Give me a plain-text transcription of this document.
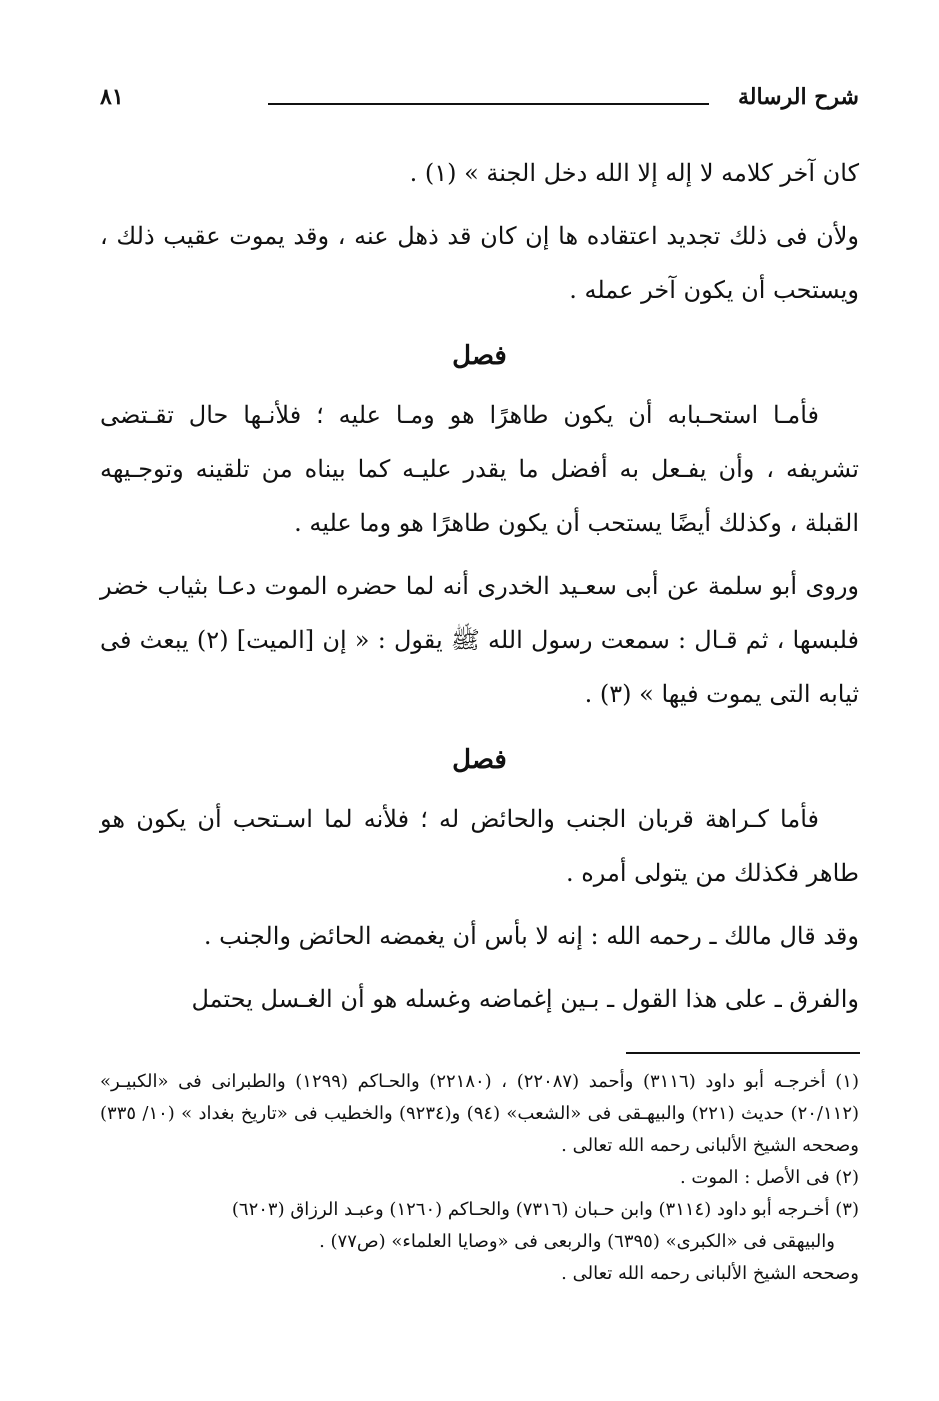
شرح الرسالة
٨١

كان آخر كلامه لا إله إلا الله دخل الجنة » (١) .

ولأن فى ذلك تجديد اعتقاده ها إن كان قد ذهل عنه ، وقد يموت عقيب ذلك ، ويستحب أن يكون آخر عمله .

فصل

فأمـا استحـبابه أن يكون طاهرًا هو ومـا عليه ؛ فلأنـها حال تقـتضى تشريفه ، وأن يفـعل به أفضل ما يقدر عليـه كما بيناه من تلقينه وتوجـيهه القبلة ، وكذلك أيضًا يستحب أن يكون طاهرًا هو وما عليه .

وروى أبو سلمة عن أبى سعـيد الخدرى أنه لما حضره الموت دعـا بثياب خضر فلبسها ، ثم قـال : سمعت رسول الله ﷺ يقول : « إن [الميت] (٢) يبعث فى ثيابه التى يموت فيها » (٣) .

فصل

فأما كـراهة قربان الجنب والحائض له ؛ فلأنه لما اسـتحب أن يكون هو طاهر فكذلك من يتولى أمره .

وقد قال مالك ـ رحمه الله : إنه لا بأس أن يغمضه الحائض والجنب .

والفرق ـ على هذا القول ـ بـين إغماضه وغسله هو أن الغـسل يحتمل

(١) أخرجـه أبو داود (٣١١٦) وأحمد (٢٢٠٨٧) ، (٢٢١٨٠) والحـاكم (١٢٩٩) والطبرانى فى «الكبيـر» (٢٠/١١٢) حديث (٢٢١) والبيهـقى فى «الشعب» (٩٤) و(٩٢٣٤) والخطيب فى «تاريخ بغداد » (١٠/ ٣٣٥) وصححه الشيخ الألبانى رحمه الله تعالى .

(٢) فى الأصل : الموت .

(٣) أخـرجه أبو داود (٣١١٤) وابن حـبان (٧٣١٦) والحـاكم (١٢٦٠) وعبـد الرزاق (٦٢٠٣)

والبيهقى فى «الكبرى» (٦٣٩٥) والربعى فى «وصايا العلماء» (ص٧٧) .

وصححه الشيخ الألبانى رحمه الله تعالى .
